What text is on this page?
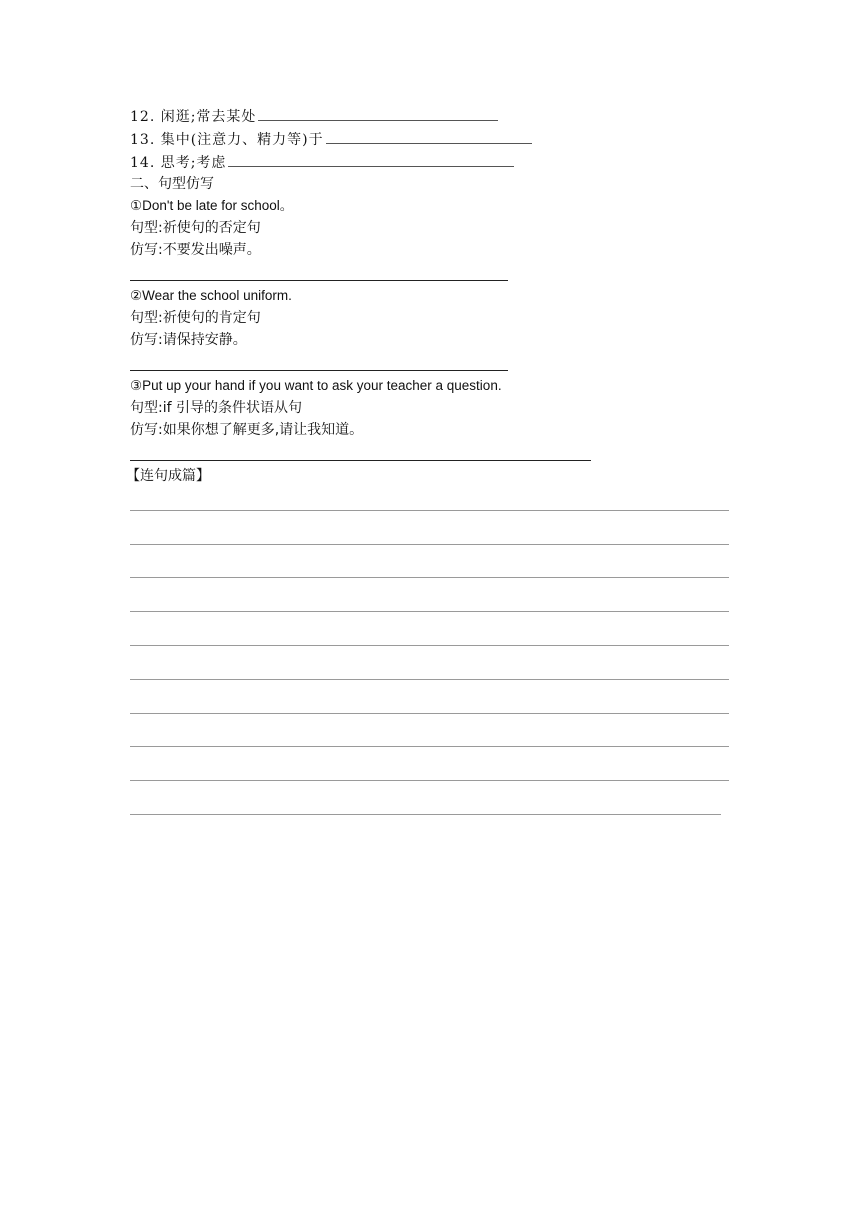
12. 闲逛;常去某处
13. 集中(注意力、精力等)于
14. 思考;考虑
二、句型仿写
①Don't be late for school。
句型:祈使句的否定句
仿写:不要发出噪声。
②Wear the school uniform.
句型:祈使句的肯定句
仿写:请保持安静。
③Put up your hand if you want to ask your teacher a question.
句型:if 引导的条件状语从句
仿写:如果你想了解更多,请让我知道。
【连句成篇】
